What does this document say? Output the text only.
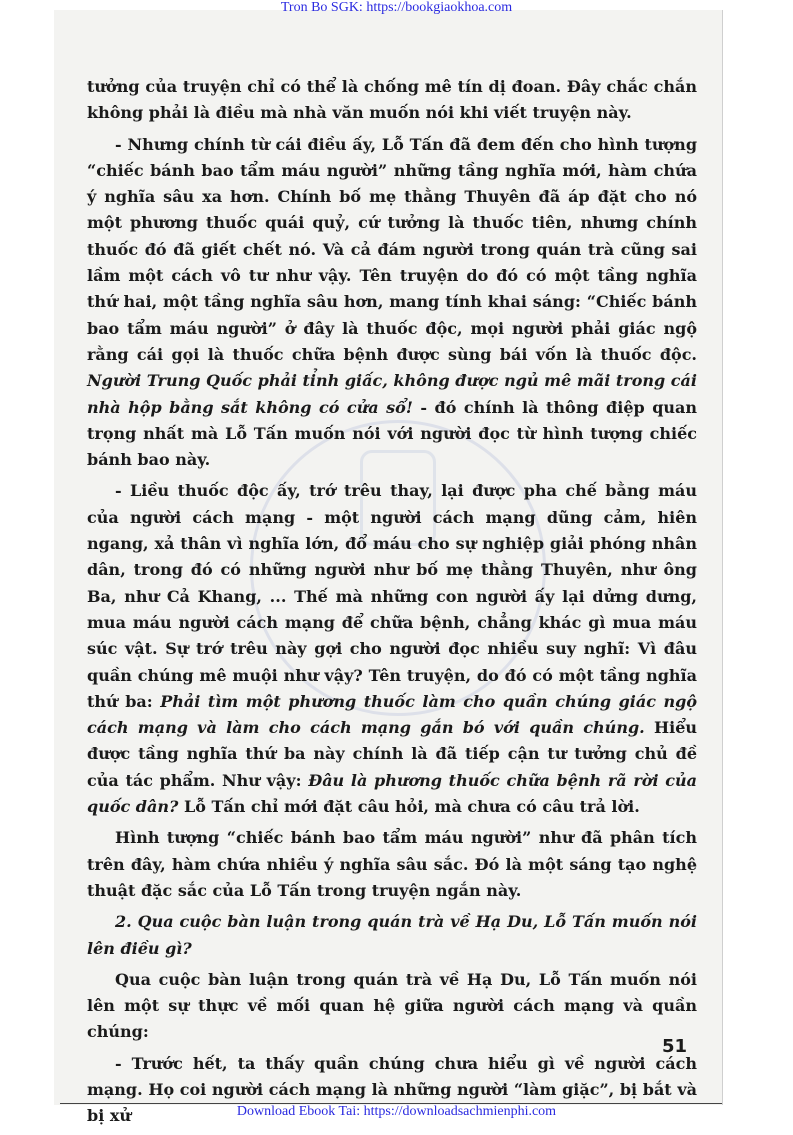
Tron Bo SGK: https://bookgiaokhoa.com

tưởng của truyện chỉ có thể là chống mê tín dị đoan. Đây chắc chắn không phải là điều mà nhà văn muốn nói khi viết truyện này.

- Nhưng chính từ cái điều ấy, Lỗ Tấn đã đem đến cho hình tượng “chiếc bánh bao tẩm máu người” những tầng nghĩa mới, hàm chứa ý nghĩa sâu xa hơn. Chính bố mẹ thằng Thuyên đã áp đặt cho nó một phương thuốc quái quỷ, cứ tưởng là thuốc tiên, nhưng chính thuốc đó đã giết chết nó. Và cả đám người trong quán trà cũng sai lầm một cách vô tư như vậy. Tên truyện do đó có một tầng nghĩa thứ hai, một tầng nghĩa sâu hơn, mang tính khai sáng: “Chiếc bánh bao tẩm máu người” ở đây là thuốc độc, mọi người phải giác ngộ rằng cái gọi là thuốc chữa bệnh được sùng bái vốn là thuốc độc. Người Trung Quốc phải tỉnh giấc, không được ngủ mê mãi trong cái nhà hộp bằng sắt không có cửa sổ! - đó chính là thông điệp quan trọng nhất mà Lỗ Tấn muốn nói với người đọc từ hình tượng chiếc bánh bao này.

- Liều thuốc độc ấy, trớ trêu thay, lại được pha chế bằng máu của người cách mạng - một người cách mạng dũng cảm, hiên ngang, xả thân vì nghĩa lớn, đổ máu cho sự nghiệp giải phóng nhân dân, trong đó có những người như bố mẹ thằng Thuyên, như ông Ba, như Cả Khang, ... Thế mà những con người ấy lại dửng dưng, mua máu người cách mạng để chữa bệnh, chẳng khác gì mua máu súc vật. Sự trớ trêu này gợi cho người đọc nhiều suy nghĩ: Vì đâu quần chúng mê muội như vậy? Tên truyện, do đó có một tầng nghĩa thứ ba: Phải tìm một phương thuốc làm cho quần chúng giác ngộ cách mạng và làm cho cách mạng gắn bó với quần chúng. Hiểu được tầng nghĩa thứ ba này chính là đã tiếp cận tư tưởng chủ đề của tác phẩm. Như vậy: Đâu là phương thuốc chữa bệnh rã rời của quốc dân? Lỗ Tấn chỉ mới đặt câu hỏi, mà chưa có câu trả lời.

Hình tượng “chiếc bánh bao tẩm máu người” như đã phân tích trên đây, hàm chứa nhiều ý nghĩa sâu sắc. Đó là một sáng tạo nghệ thuật đặc sắc của Lỗ Tấn trong truyện ngắn này.

2. Qua cuộc bàn luận trong quán trà về Hạ Du, Lỗ Tấn muốn nói lên điều gì?

Qua cuộc bàn luận trong quán trà về Hạ Du, Lỗ Tấn muốn nói lên một sự thực về mối quan hệ giữa người cách mạng và quần chúng:

- Trước hết, ta thấy quần chúng chưa hiểu gì về người cách mạng. Họ coi người cách mạng là những người “làm giặc”, bị bắt và bị xử

51
Download Ebook Tai: https://downloadsachmienphi.com
